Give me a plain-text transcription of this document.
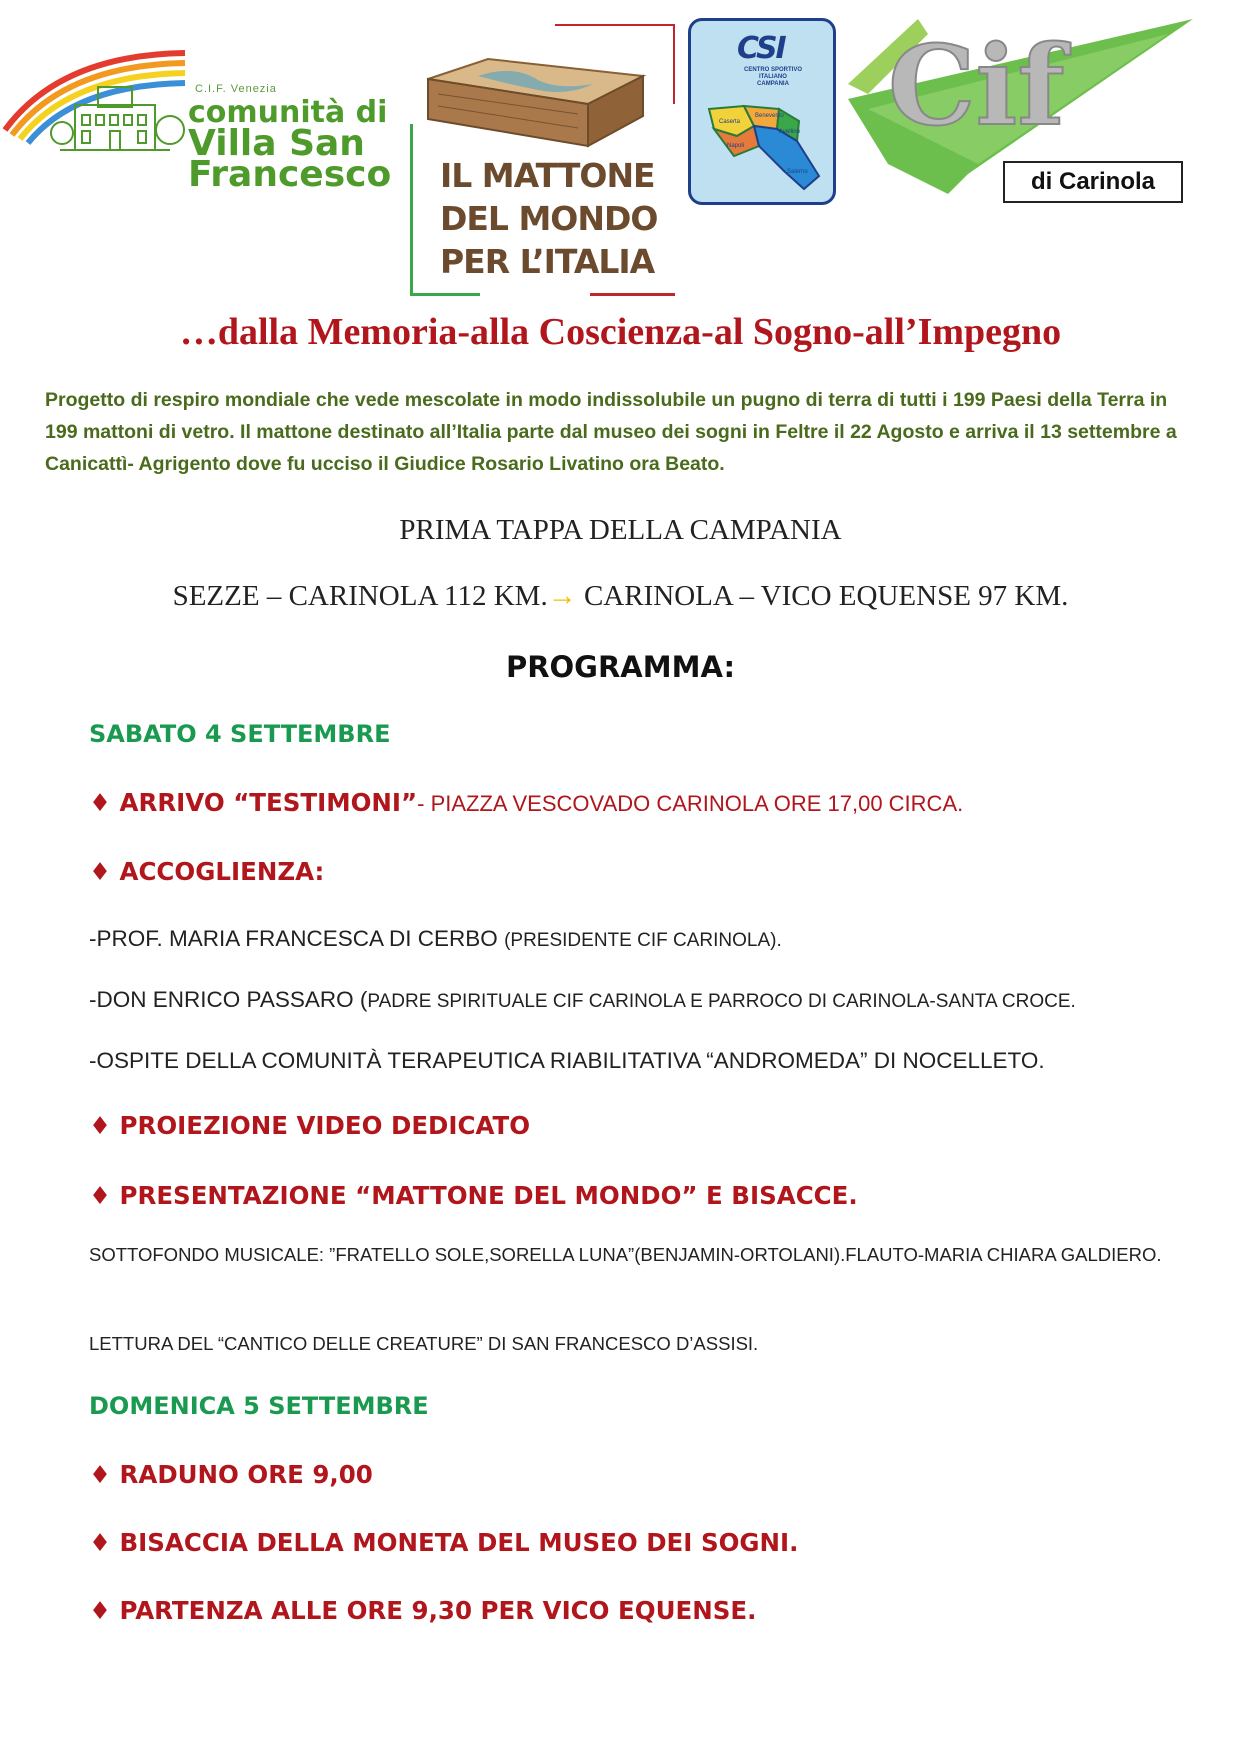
C.I.F. Venezia
comunità di
Villa San
Francesco IL MATTONE
DEL MONDO
PER L’ITALIA
CSI
CENTRO SPORTIVO ITALIANO CAMPANIA
Caserta
Benevento
Avellino
Napoli
Salerno
Cif
di Carinola
…dalla Memoria-alla Coscienza-al Sogno-all’Impegno
Progetto di respiro mondiale che vede mescolate in modo indissolubile un pugno di terra di tutti i 199 Paesi della Terra in 199 mattoni di vetro. Il mattone destinato all’Italia parte dal museo dei sogni in Feltre il 22 Agosto e arriva il 13 settembre a Canicattì- Agrigento dove fu ucciso il Giudice Rosario Livatino ora Beato.
PRIMA TAPPA DELLA CAMPANIA
SEZZE – CARINOLA 112 KM.→ CARINOLA – VICO EQUENSE 97 KM.
PROGRAMMA:
SABATO 4 SETTEMBRE
♦ ARRIVO “TESTIMONI”- PIAZZA VESCOVADO CARINOLA ORE 17,00 CIRCA.
♦ ACCOGLIENZA:
-PROF. MARIA FRANCESCA DI CERBO (PRESIDENTE CIF CARINOLA).
-DON ENRICO PASSARO (PADRE SPIRITUALE CIF CARINOLA E PARROCO DI CARINOLA-SANTA CROCE.
-OSPITE DELLA COMUNITÀ TERAPEUTICA RIABILITATIVA “ANDROMEDA” DI NOCELLETO.
♦ PROIEZIONE VIDEO DEDICATO
♦ PRESENTAZIONE “MATTONE DEL MONDO” E BISACCE.
SOTTOFONDO MUSICALE: ”FRATELLO SOLE,SORELLA LUNA”(BENJAMIN-ORTOLANI).FLAUTO-MARIA CHIARA GALDIERO.
LETTURA DEL “CANTICO DELLE CREATURE” DI SAN FRANCESCO D’ASSISI.
DOMENICA 5 SETTEMBRE
♦ RADUNO ORE 9,00
♦ BISACCIA DELLA MONETA DEL MUSEO DEI SOGNI.
♦ PARTENZA ALLE ORE 9,30 PER VICO EQUENSE.
